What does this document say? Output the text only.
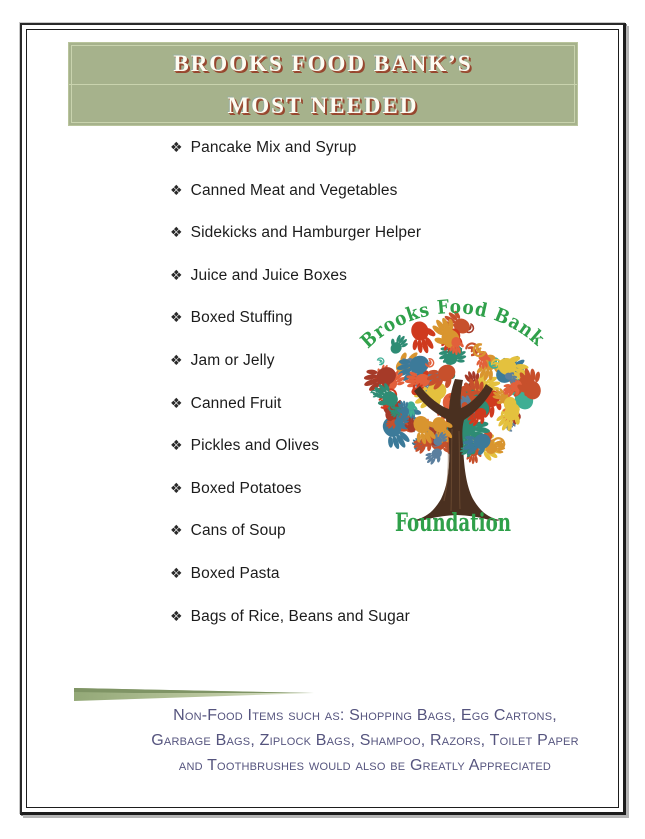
BROOKS FOOD BANK’S
MOST NEEDED
❖ Pancake Mix and Syrup
❖ Canned Meat and Vegetables
❖ Sidekicks and Hamburger Helper
❖ Juice and Juice Boxes
❖ Boxed Stuffing
❖ Jam or Jelly
❖ Canned Fruit
❖ Pickles and Olives
❖ Boxed Potatoes
❖ Cans of Soup
❖ Boxed Pasta
❖ Bags of Rice, Beans and Sugar
Brooks Food Bank
Foundation
Non-Food Items such as: Shopping Bags, Egg Cartons,
Garbage Bags, Ziplock Bags, Shampoo, Razors, Toilet Paper
and Toothbrushes would also be Greatly Appreciated
